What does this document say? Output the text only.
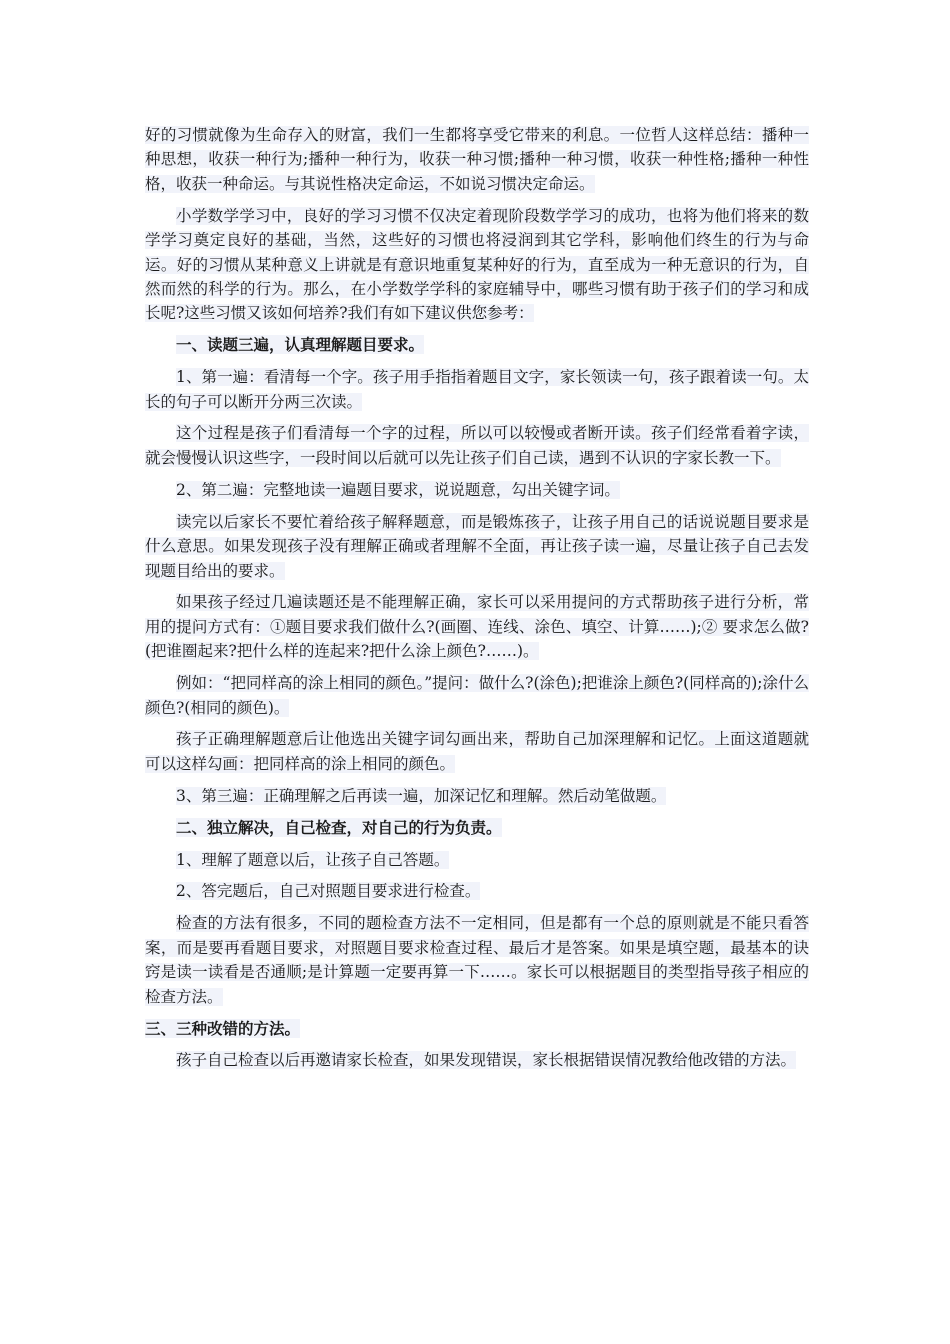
好的习惯就像为生命存入的财富，我们一生都将享受它带来的利息。一位哲人这样总结：播种一种思想，收获一种行为;播种一种行为，收获一种习惯;播种一种习惯，收获一种性格;播种一种性格，收获一种命运。与其说性格决定命运，不如说习惯决定命运。

小学数学学习中，良好的学习习惯不仅决定着现阶段数学学习的成功，也将为他们将来的数学学习奠定良好的基础，当然，这些好的习惯也将浸润到其它学科，影响他们终生的行为与命运。好的习惯从某种意义上讲就是有意识地重复某种好的行为，直至成为一种无意识的行为，自然而然的科学的行为。那么，在小学数学学科的家庭辅导中，哪些习惯有助于孩子们的学习和成长呢?这些习惯又该如何培养?我们有如下建议供您参考：

一、读题三遍，认真理解题目要求。

1、第一遍：看清每一个字。孩子用手指指着题目文字，家长领读一句，孩子跟着读一句。太长的句子可以断开分两三次读。

这个过程是孩子们看清每一个字的过程，所以可以较慢或者断开读。孩子们经常看着字读，就会慢慢认识这些字，一段时间以后就可以先让孩子们自己读，遇到不认识的字家长教一下。

2、第二遍：完整地读一遍题目要求，说说题意，勾出关键字词。

读完以后家长不要忙着给孩子解释题意，而是锻炼孩子，让孩子用自己的话说说题目要求是什么意思。如果发现孩子没有理解正确或者理解不全面，再让孩子读一遍，尽量让孩子自己去发现题目给出的要求。

如果孩子经过几遍读题还是不能理解正确，家长可以采用提问的方式帮助孩子进行分析，常用的提问方式有：①题目要求我们做什么?(画圈、连线、涂色、填空、计算……);② 要求怎么做?(把谁圈起来?把什么样的连起来?把什么涂上颜色?……)。

例如：“把同样高的涂上相同的颜色。”提问：做什么?(涂色);把谁涂上颜色?(同样高的);涂什么颜色?(相同的颜色)。

孩子正确理解题意后让他选出关键字词勾画出来，帮助自己加深理解和记忆。上面这道题就可以这样勾画：把同样高的涂上相同的颜色。

3、第三遍：正确理解之后再读一遍，加深记忆和理解。然后动笔做题。

二、独立解决，自己检查，对自己的行为负责。

1、理解了题意以后，让孩子自己答题。

2、答完题后，自己对照题目要求进行检查。

检查的方法有很多，不同的题检查方法不一定相同，但是都有一个总的原则就是不能只看答案，而是要再看题目要求，对照题目要求检查过程、最后才是答案。如果是填空题，最基本的诀窍是读一读看是否通顺;是计算题一定要再算一下……。家长可以根据题目的类型指导孩子相应的检查方法。

三、三种改错的方法。

孩子自己检查以后再邀请家长检查，如果发现错误，家长根据错误情况教给他改错的方法。
